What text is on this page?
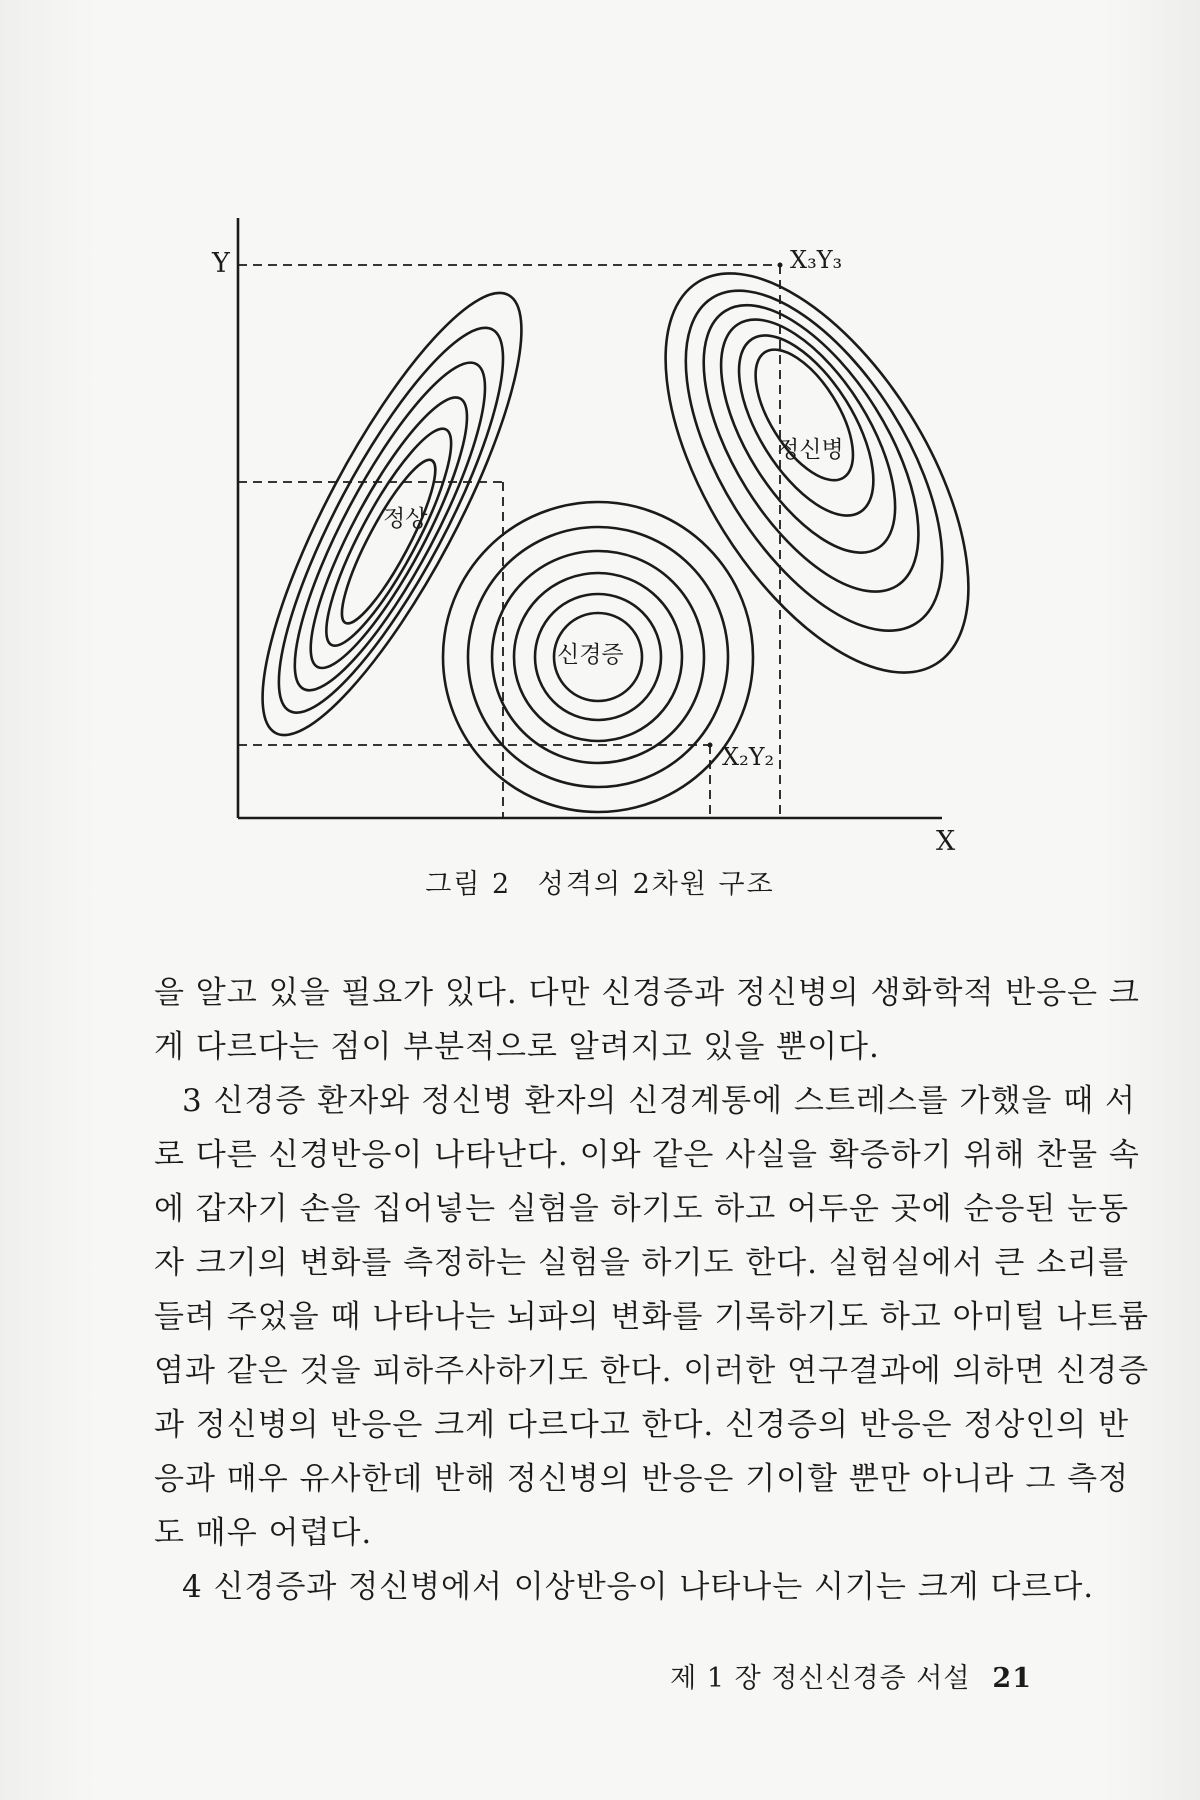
Y
X
X₃Y₃
X₂Y₂
정상
신경증
정신병
그림 2 성격의 2차원 구조
을 알고 있을 필요가 있다. 다만 신경증과 정신병의 생화학적 반응은 크
게 다르다는 점이 부분적으로 알려지고 있을 뿐이다.
3 신경증 환자와 정신병 환자의 신경계통에 스트레스를 가했을 때 서
로 다른 신경반응이 나타난다. 이와 같은 사실을 확증하기 위해 찬물 속
에 갑자기 손을 집어넣는 실험을 하기도 하고 어두운 곳에 순응된 눈동
자 크기의 변화를 측정하는 실험을 하기도 한다. 실험실에서 큰 소리를
들려 주었을 때 나타나는 뇌파의 변화를 기록하기도 하고 아미털 나트륨
염과 같은 것을 피하주사하기도 한다. 이러한 연구결과에 의하면 신경증
과 정신병의 반응은 크게 다르다고 한다. 신경증의 반응은 정상인의 반
응과 매우 유사한데 반해 정신병의 반응은 기이할 뿐만 아니라 그 측정
도 매우 어렵다.
4 신경증과 정신병에서 이상반응이 나타나는 시기는 크게 다르다.
제 1 장 정신신경증 서설 21
